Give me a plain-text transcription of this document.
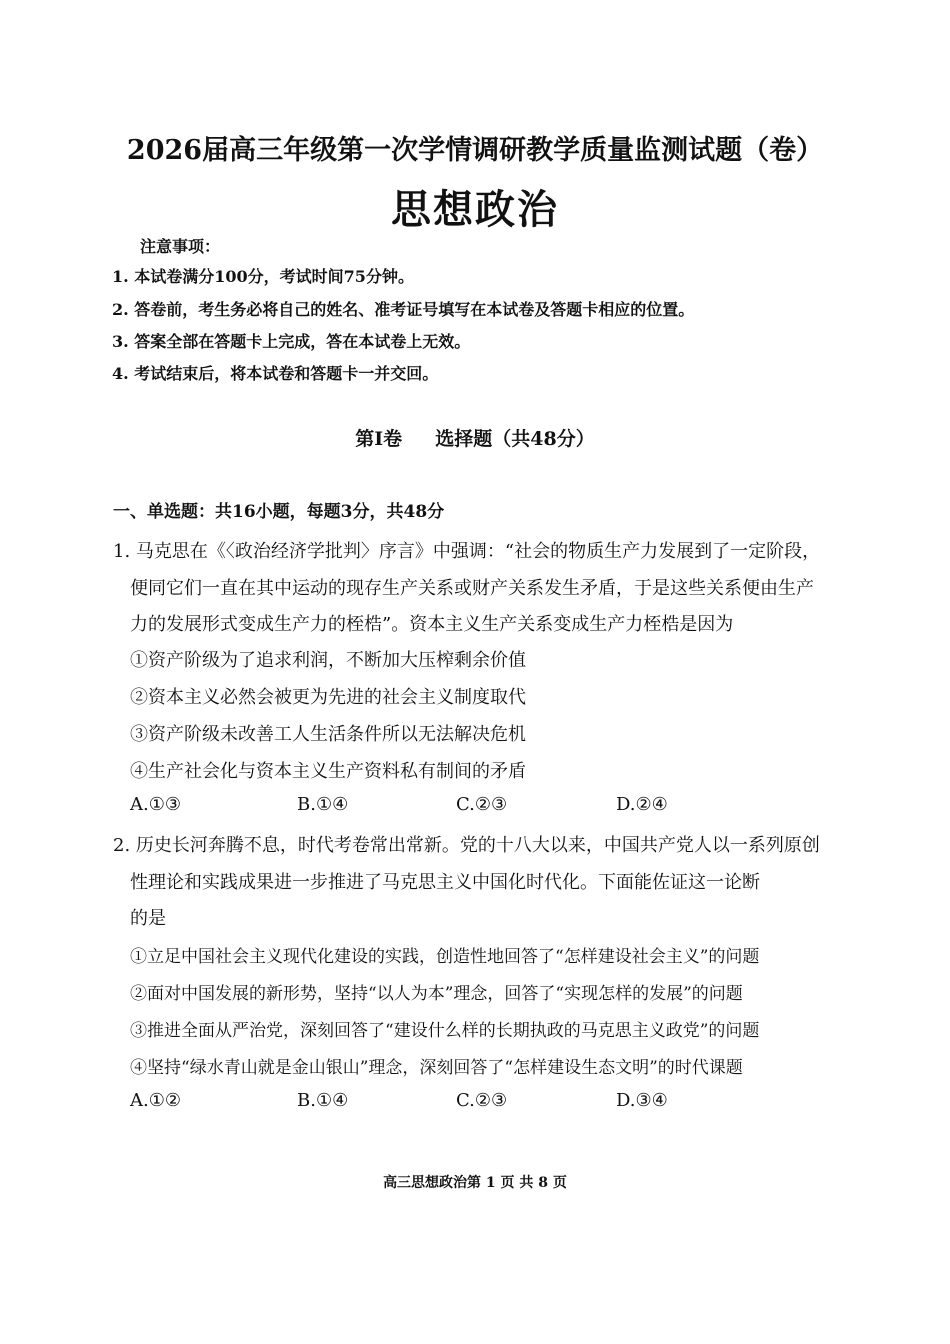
2026届高三年级第一次学情调研教学质量监测试题（卷）
思想政治
注意事项：
1. 本试卷满分100分，考试时间75分钟。
2. 答卷前，考生务必将自己的姓名、准考证号填写在本试卷及答题卡相应的位置。
3. 答案全部在答题卡上完成，答在本试卷上无效。
4. 考试结束后，将本试卷和答题卡一并交回。
第Ⅰ卷 选择题（共48分）
一、单选题：共16小题，每题3分，共48分
1. 马克思在《〈政治经济学批判〉序言》中强调：“社会的物质生产力发展到了一定阶段，
便同它们一直在其中运动的现存生产关系或财产关系发生矛盾，于是这些关系便由生产
力的发展形式变成生产力的桎梏”。资本主义生产关系变成生产力桎梏是因为
①资产阶级为了追求利润，不断加大压榨剩余价值
②资本主义必然会被更为先进的社会主义制度取代
③资产阶级未改善工人生活条件所以无法解决危机
④生产社会化与资本主义生产资料私有制间的矛盾
A.①③	B.①④	C.②③	D.②④
2. 历史长河奔腾不息，时代考卷常出常新。党的十八大以来，中国共产党人以一系列原创
性理论和实践成果进一步推进了马克思主义中国化时代化。下面能佐证这一论断
的是
①立足中国社会主义现代化建设的实践，创造性地回答了“怎样建设社会主义”的问题
②面对中国发展的新形势，坚持“以人为本”理念，回答了“实现怎样的发展”的问题
③推进全面从严治党，深刻回答了“建设什么样的长期执政的马克思主义政党”的问题
④坚持“绿水青山就是金山银山”理念，深刻回答了“怎样建设生态文明”的时代课题
A.①②	B.①④	C.②③	D.③④
高三思想政治第 1 页 共 8 页
